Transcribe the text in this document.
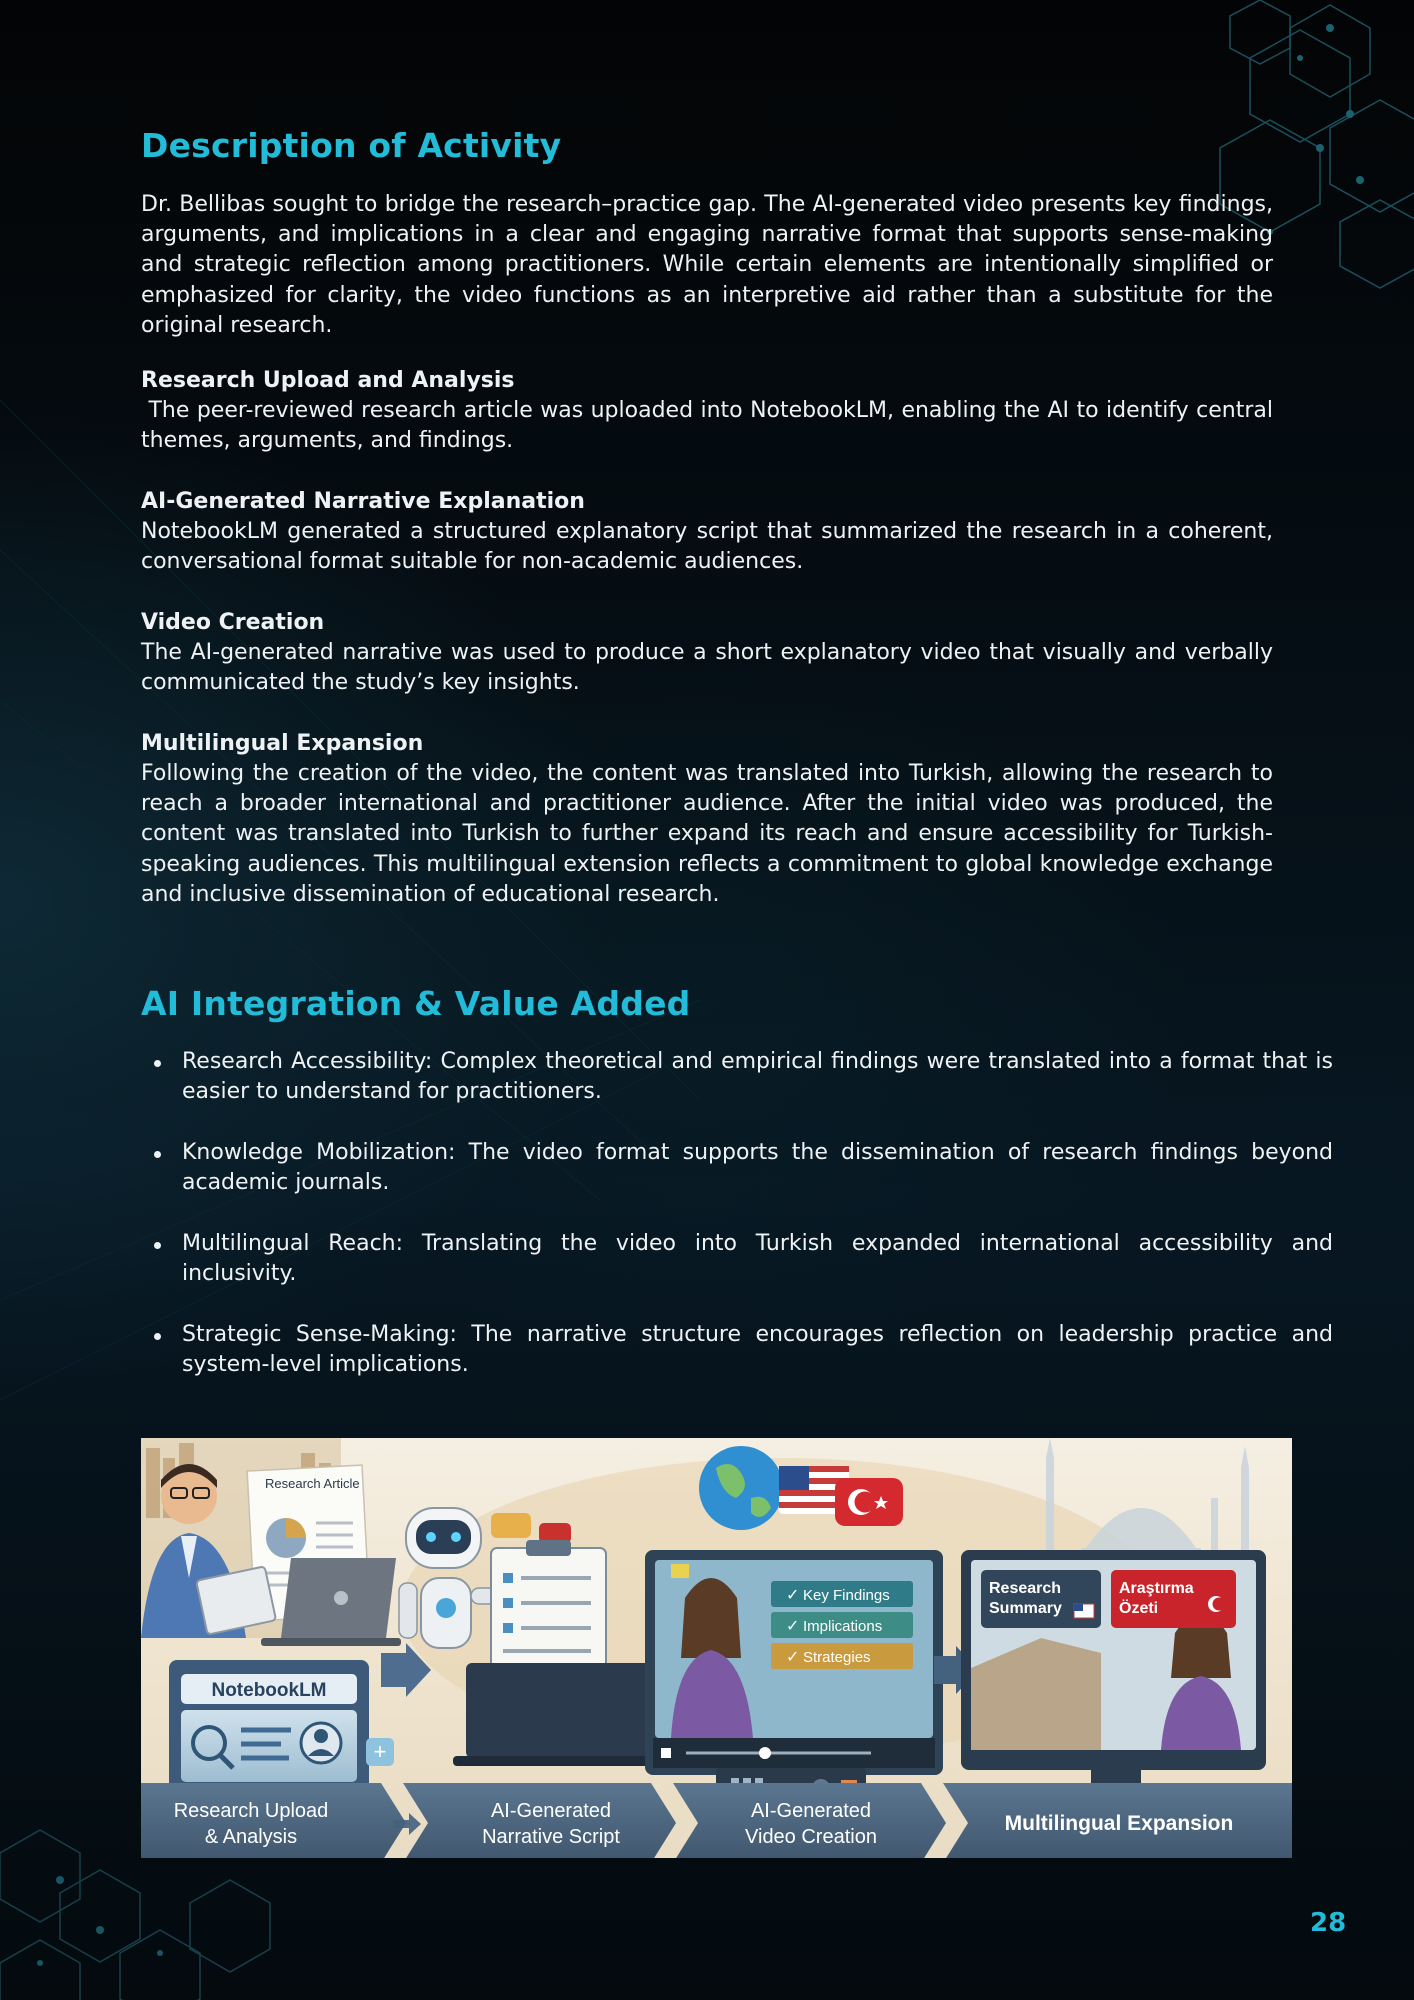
Description of Activity

Dr. Bellibas sought to bridge the research–practice gap. The AI-generated video presents key findings, arguments, and implications in a clear and engaging narrative format that supports sense-making and strategic reflection among practitioners. While certain elements are intentionally simplified or emphasized for clarity, the video functions as an interpretive aid rather than a substitute for the original research.

Research Upload and Analysis

The peer-reviewed research article was uploaded into NotebookLM, enabling the AI to identify central themes, arguments, and findings.

AI-Generated Narrative Explanation

NotebookLM generated a structured explanatory script that summarized the research in a coherent, conversational format suitable for non-academic audiences.

Video Creation

The AI-generated narrative was used to produce a short explanatory video that visually and verbally communicated the study’s key insights.

Multilingual Expansion

Following the creation of the video, the content was translated into Turkish, allowing the research to reach a broader international and practitioner audience. After the initial video was produced, the content was translated into Turkish to further expand its reach and ensure accessibility for Turkish-speaking audiences. This multilingual extension reflects a commitment to global knowledge exchange and inclusive dissemination of educational research.

AI Integration & Value Added
Research Accessibility: Complex theoretical and empirical findings were translated into a format that is easier to understand for practitioners.
Knowledge Mobilization: The video format supports the dissemination of research findings beyond academic journals.
Multilingual Reach: Translating the video into Turkish expanded international accessibility and inclusivity.
Strategic Sense-Making: The narrative structure encourages reflection on leadership practice and system-level implications.
Research Article
NotebookLM
+
✓ Key Findings
✓ Implications
✓ Strategies
Research
Summary
Araştırma
Özeti
Research Upload
& Analysis
AI-Generated
Narrative Script
AI-Generated
Video Creation
Multilingual Expansion
28
